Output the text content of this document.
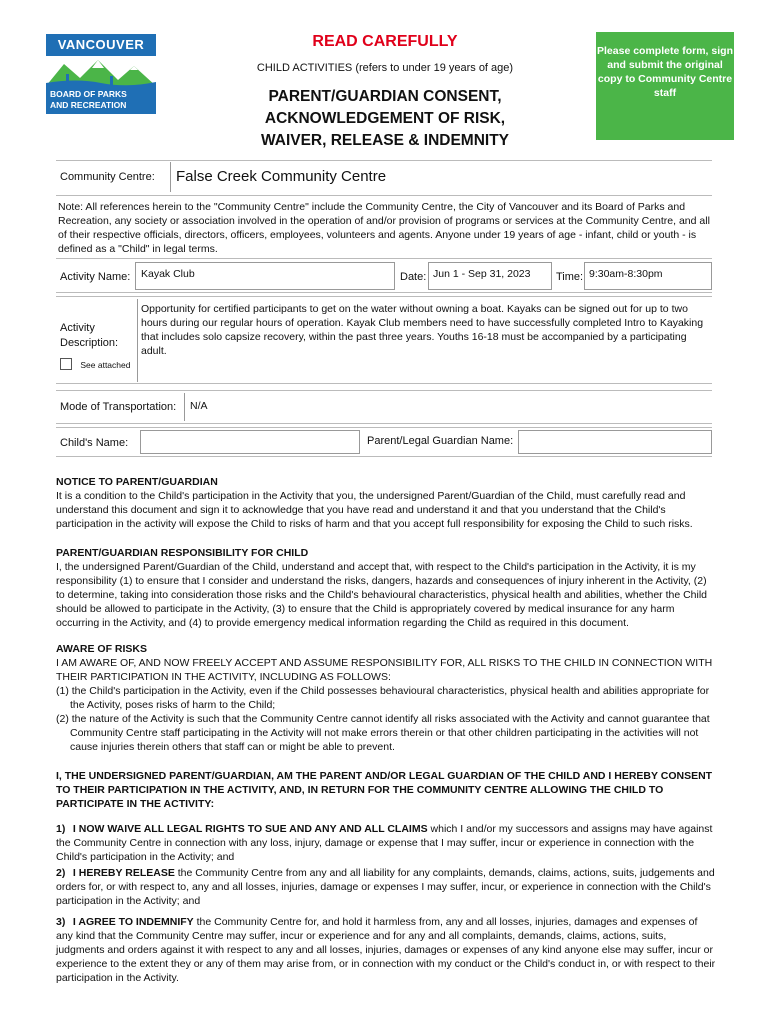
VANCOUVER
BOARD OF PARKS
AND RECREATION
READ CAREFULLY
CHILD ACTIVITIES (refers to under 19 years of age)
PARENT/GUARDIAN CONSENT,
ACKNOWLEDGEMENT OF RISK,
WAIVER, RELEASE & INDEMNITY
Please complete form, sign and submit the original copy to Community Centre staff
Community Centre: False Creek Community Centre
Note: All references herein to the "Community Centre" include the Community Centre, the City of Vancouver and its Board of Parks and Recreation, any society or association involved in the operation of and/or provision of programs or services at the Community Centre, and all of their respective officials, directors, officers, employees, volunteers and agents. Anyone under 19 years of age - infant, child or youth - is defined as a "Child" in legal terms.
Activity Name: Kayak Club	Date: Jun 1 - Sep 31, 2023 Time: 9:30am-8:30pm
Activity
Description:
See attached
Opportunity for certified participants to get on the water without owning a boat. Kayaks can be signed out for up to two hours during our regular hours of operation. Kayak Club members need to have successfully completed Intro to Kayaking that includes solo capsize recovery, within the past three years. Youths 16-18 must be accompanied by a participating adult.
Mode of Transportation: N/A
Child's Name:	Parent/Legal Guardian Name:
NOTICE TO PARENT/GUARDIAN
It is a condition to the Child's participation in the Activity that you, the undersigned Parent/Guardian of the Child, must carefully read and understand this document and sign it to acknowledge that you have read and understand it and that you understand that the Child's participation in the activity will expose the Child to risks of harm and that you accept full responsibility for exposing the Child to such risks.
PARENT/GUARDIAN RESPONSIBILITY FOR CHILD
I, the undersigned Parent/Guardian of the Child, understand and accept that, with respect to the Child's participation in the Activity, it is my responsibility (1) to ensure that I consider and understand the risks, dangers, hazards and consequences of injury inherent in the Activity, (2) to determine, taking into consideration those risks and the Child's behavioural characteristics, physical health and abilities, whether the Child should be allowed to participate in the Activity, (3) to ensure that the Child is appropriately covered by medical insurance for any harm occurring in the Activity, and (4) to provide emergency medical information regarding the Child as required in this document.
AWARE OF RISKS
I AM AWARE OF, AND NOW FREELY ACCEPT AND ASSUME RESPONSIBILITY FOR, ALL RISKS TO THE CHILD IN CONNECTION WITH THEIR PARTICIPATION IN THE ACTIVITY, INCLUDING AS FOLLOWS:
(1) the Child's participation in the Activity, even if the Child possesses behavioural characteristics, physical health and abilities appropriate for the Activity, poses risks of harm to the Child;
(2) the nature of the Activity is such that the Community Centre cannot identify all risks associated with the Activity and cannot guarantee that Community Centre staff participating in the Activity will not make errors therein or that other children participating in the activities will not cause injuries therein others that staff can or might be able to prevent.
I, THE UNDERSIGNED PARENT/GUARDIAN, AM THE PARENT AND/OR LEGAL GUARDIAN OF THE CHILD AND I HEREBY CONSENT TO THEIR PARTICIPATION IN THE ACTIVITY, AND, IN RETURN FOR THE COMMUNITY CENTRE ALLOWING THE CHILD TO PARTICIPATE IN THE ACTIVITY:
1) I NOW WAIVE ALL LEGAL RIGHTS TO SUE AND ANY AND ALL CLAIMS which I and/or my successors and assigns may have against the Community Centre in connection with any loss, injury, damage or expense that I may suffer, incur or experience in connection with the Child's participation in the Activity; and
2) I HEREBY RELEASE the Community Centre from any and all liability for any complaints, demands, claims, actions, suits, judgements and orders for, or with respect to, any and all losses, injuries, damage or expenses I may suffer, incur, or experience in connection with the Child's participation in the Activity; and
3) I AGREE TO INDEMNIFY the Community Centre for, and hold it harmless from, any and all losses, injuries, damages and expenses of any kind that the Community Centre may suffer, incur or experience and for any and all complaints, demands, claims, actions, suits, judgments and orders against it with respect to any and all losses, injuries, damages or expenses of any kind anyone else may suffer, incur or experience to the extent they or any of them may arise from, or in connection with my conduct or the Child's conduct in, or with respect to their participation in the Activity.
